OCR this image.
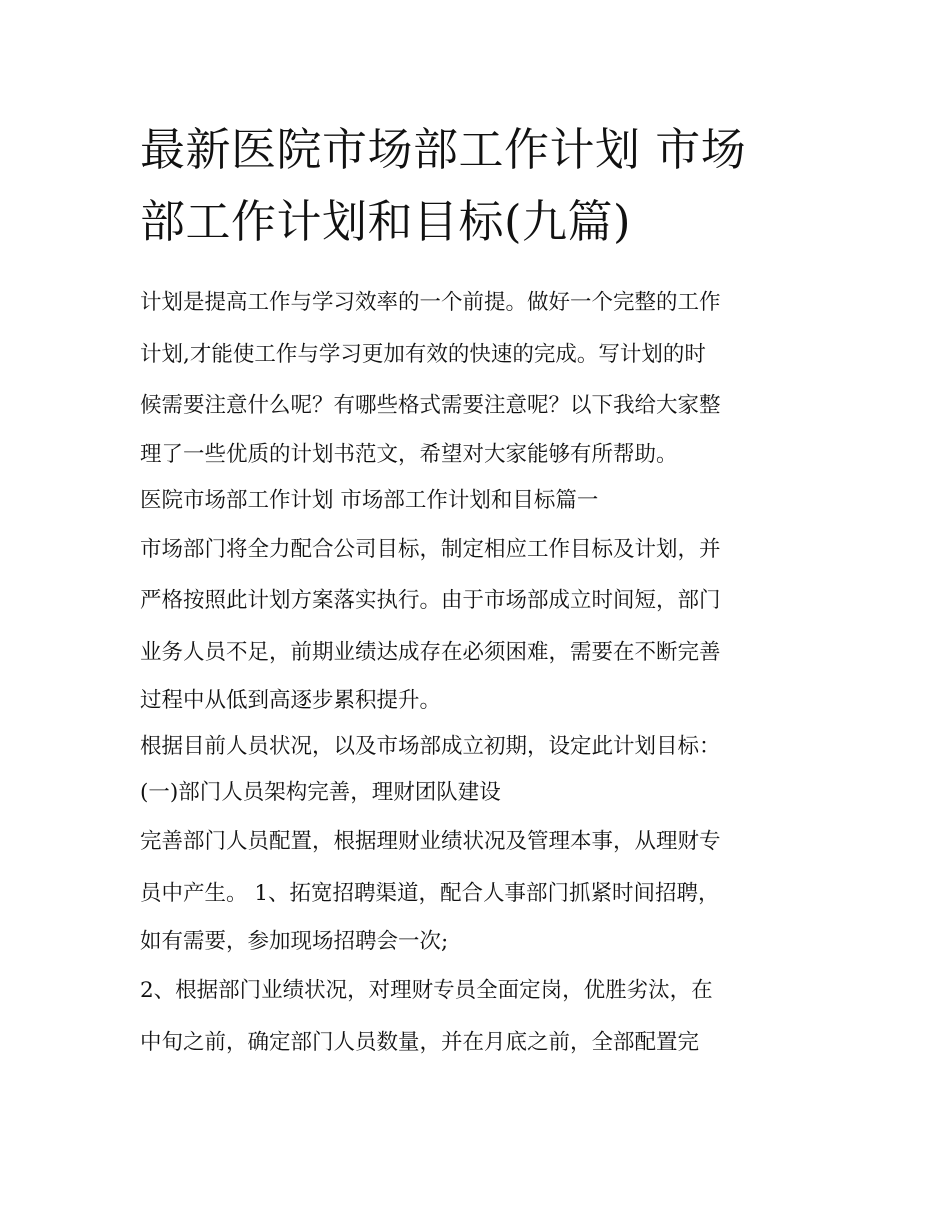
最新医院市场部工作计划 市场
部工作计划和目标(九篇)
计划是提高工作与学习效率的一个前提。做好一个完整的工作
计划,才能使工作与学习更加有效的快速的完成。写计划的时
候需要注意什么呢？有哪些格式需要注意呢？以下我给大家整
理了一些优质的计划书范文，希望对大家能够有所帮助。
医院市场部工作计划 市场部工作计划和目标篇一
市场部门将全力配合公司目标，制定相应工作目标及计划，并
严格按照此计划方案落实执行。由于市场部成立时间短，部门
业务人员不足，前期业绩达成存在必须困难，需要在不断完善
过程中从低到高逐步累积提升。
根据目前人员状况，以及市场部成立初期，设定此计划目标：
(一)部门人员架构完善，理财团队建设
完善部门人员配置，根据理财业绩状况及管理本事，从理财专
员中产生。 1、拓宽招聘渠道，配合人事部门抓紧时间招聘，
如有需要，参加现场招聘会一次;
2、根据部门业绩状况，对理财专员全面定岗，优胜劣汰，在
中旬之前，确定部门人员数量，并在月底之前，全部配置完
